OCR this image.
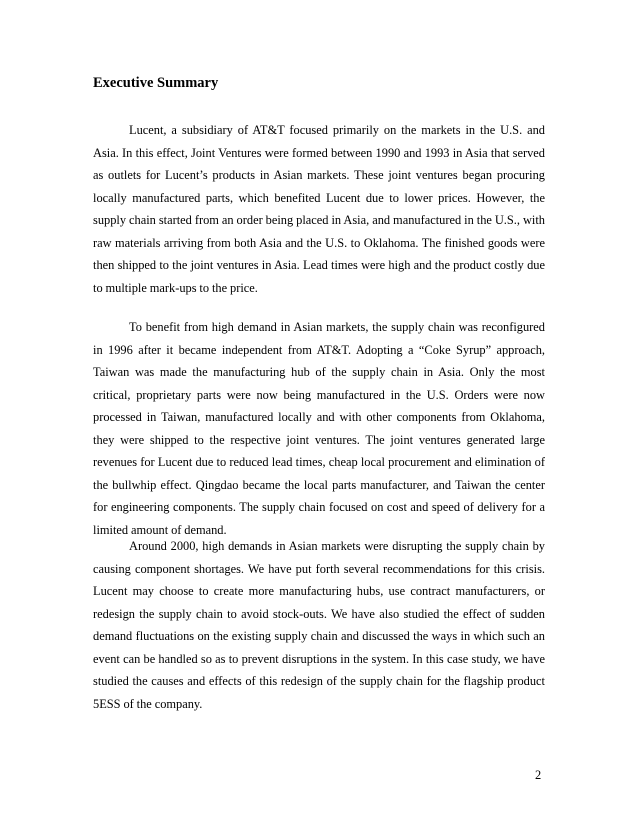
Executive Summary

Lucent, a subsidiary of AT&T focused primarily on the markets in the U.S. and Asia. In this effect, Joint Ventures were formed between 1990 and 1993 in Asia that served as outlets for Lucent’s products in Asian markets. These joint ventures began procuring locally manufactured parts, which benefited Lucent due to lower prices. However, the supply chain started from an order being placed in Asia, and manufactured in the U.S., with raw materials arriving from both Asia and the U.S. to Oklahoma. The finished goods were then shipped to the joint ventures in Asia. Lead times were high and the product costly due to multiple mark-ups to the price.

To benefit from high demand in Asian markets, the supply chain was reconfigured in 1996 after it became independent from AT&T. Adopting a “Coke Syrup” approach, Taiwan was made the manufacturing hub of the supply chain in Asia. Only the most critical, proprietary parts were now being manufactured in the U.S. Orders were now processed in Taiwan, manufactured locally and with other components from Oklahoma, they were shipped to the respective joint ventures. The joint ventures generated large revenues for Lucent due to reduced lead times, cheap local procurement and elimination of the bullwhip effect. Qingdao became the local parts manufacturer, and Taiwan the center for engineering components. The supply chain focused on cost and speed of delivery for a limited amount of demand.

Around 2000, high demands in Asian markets were disrupting the supply chain by causing component shortages. We have put forth several recommendations for this crisis. Lucent may choose to create more manufacturing hubs, use contract manufacturers, or redesign the supply chain to avoid stock-outs. We have also studied the effect of sudden demand fluctuations on the existing supply chain and discussed the ways in which such an event can be handled so as to prevent disruptions in the system. In this case study, we have studied the causes and effects of this redesign of the supply chain for the flagship product 5ESS of the company.

2
